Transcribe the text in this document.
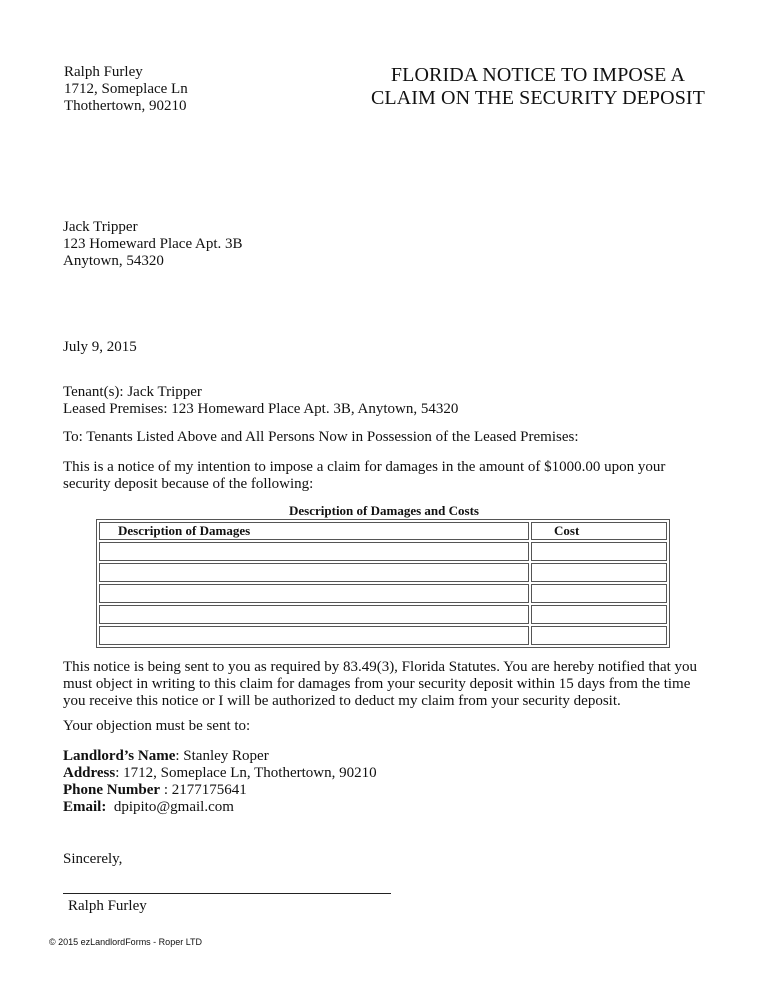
Ralph Furley
1712, Someplace Ln
Thothertown, 90210
FLORIDA NOTICE TO IMPOSE A
CLAIM ON THE SECURITY DEPOSIT
Jack Tripper
123 Homeward Place Apt. 3B
Anytown, 54320
July 9, 2015
Tenant(s): Jack Tripper
Leased Premises: 123 Homeward Place Apt. 3B, Anytown, 54320
To: Tenants Listed Above and All Persons Now in Possession of the Leased Premises:
This is a notice of my intention to impose a claim for damages in the amount of $1000.00 upon your security deposit because of the following:
Description of Damages and Costs
Description of Damages	Cost

This notice is being sent to you as required by 83.49(3), Florida Statutes. You are hereby notified that you must object in writing to this claim for damages from your security deposit within 15 days from the time you receive this notice or I will be authorized to deduct my claim from your security deposit.
Your objection must be sent to:
Landlord’s Name: Stanley Roper
Address: 1712, Someplace Ln, Thothertown, 90210
Phone Number : 2177175641
Email:  dpipito@gmail.com
Sincerely,
Ralph Furley
© 2015 ezLandlordForms - Roper LTD
